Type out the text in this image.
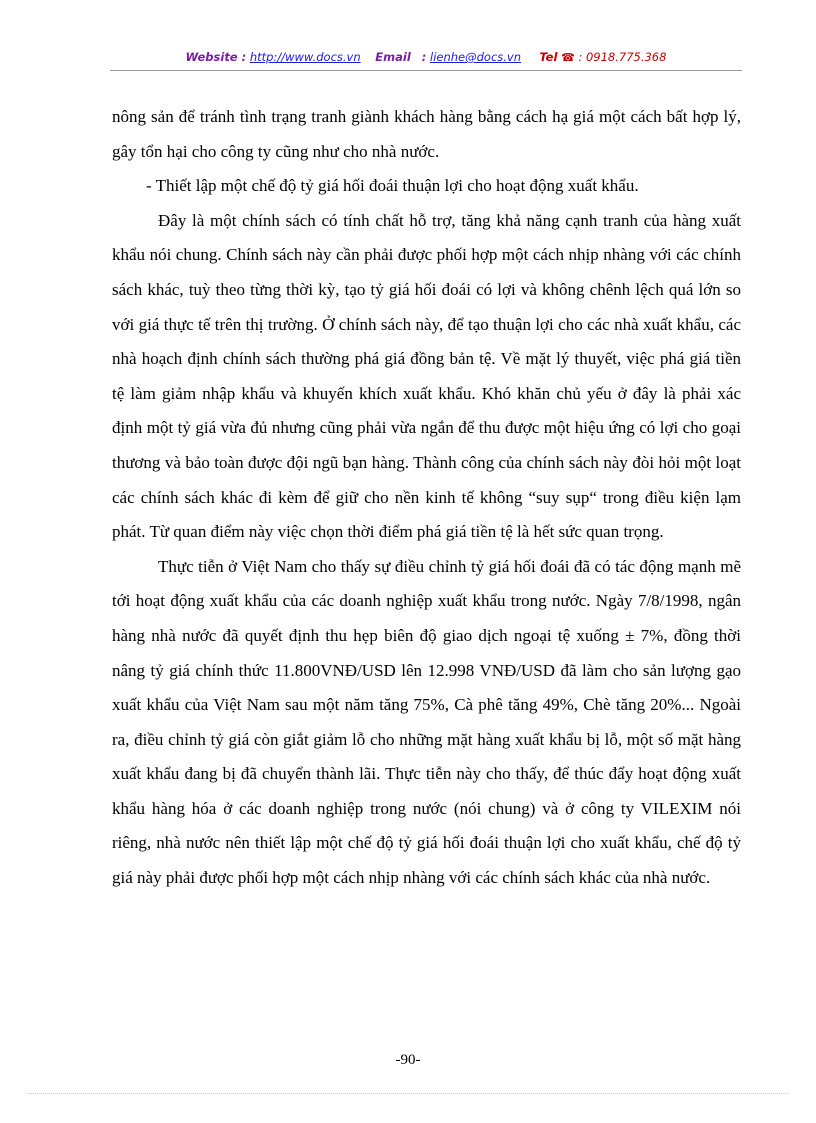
Website : http://www.docs.vn Email : lienhe@docs.vn Tel ☎ : 0918.775.368

nông sản để tránh tình trạng tranh giành khách hàng bằng cách hạ giá một cách bất hợp lý, gây tổn hại cho công ty cũng như cho nhà nước.

- Thiết lập một chế độ tỷ giá hối đoái thuận lợi cho hoạt động xuất khẩu.

Đây là một chính sách có tính chất hỗ trợ, tăng khả năng cạnh tranh của hàng xuất khẩu nói chung. Chính sách này cần phải được phối hợp một cách nhịp nhàng với các chính sách khác, tuỳ theo từng thời kỳ, tạo tỷ giá hối đoái có lợi và không chênh lệch quá lớn so với giá thực tế trên thị trường. Ở chính sách này, để tạo thuận lợi cho các nhà xuất khẩu, các nhà hoạch định chính sách thường phá giá đồng bản tệ. Về mặt lý thuyết, việc phá giá tiền tệ làm giảm nhập khẩu và khuyến khích xuất khẩu. Khó khăn chủ yếu ở đây là phải xác định một tỷ giá vừa đủ nhưng cũng phải vừa ngắn để thu được một hiệu ứng có lợi cho goại thương và bảo toàn được đội ngũ bạn hàng. Thành công của chính sách này đòi hỏi một loạt các chính sách khác đi kèm để giữ cho nền kinh tế không “suy sụp“ trong điều kiện lạm phát. Từ quan điểm này việc chọn thời điểm phá giá tiền tệ là hết sức quan trọng.

Thực tiễn ở Việt Nam cho thấy sự điều chỉnh tỷ giá hối đoái đã có tác động mạnh mẽ tới hoạt động xuất khẩu của các doanh nghiệp xuất khẩu trong nước. Ngày 7/8/1998, ngân hàng nhà nước đã quyết định thu hẹp biên độ giao dịch ngoại tệ xuống ± 7%, đồng thời nâng tỷ giá chính thức 11.800VNĐ/USD lên 12.998 VNĐ/USD đã làm cho sản lượng gạo xuất khẩu của Việt Nam sau một năm tăng 75%, Cà phê tăng 49%, Chè tăng 20%... Ngoài ra, điều chỉnh tỷ giá còn giắt giảm lỗ cho những mặt hàng xuất khẩu bị lỗ, một số mặt hàng xuất khẩu đang bị đã chuyển thành lãi. Thực tiễn này cho thấy, để thúc đẩy hoạt động xuất khẩu hàng hóa ở các doanh nghiệp trong nước (nói chung) và ở công ty VILEXIM nói riêng, nhà nước nên thiết lập một chế độ tỷ giá hối đoái thuận lợi cho xuất khẩu, chế độ tỷ giá này phải được phối hợp một cách nhịp nhàng với các chính sách khác của nhà nước.

-90-
